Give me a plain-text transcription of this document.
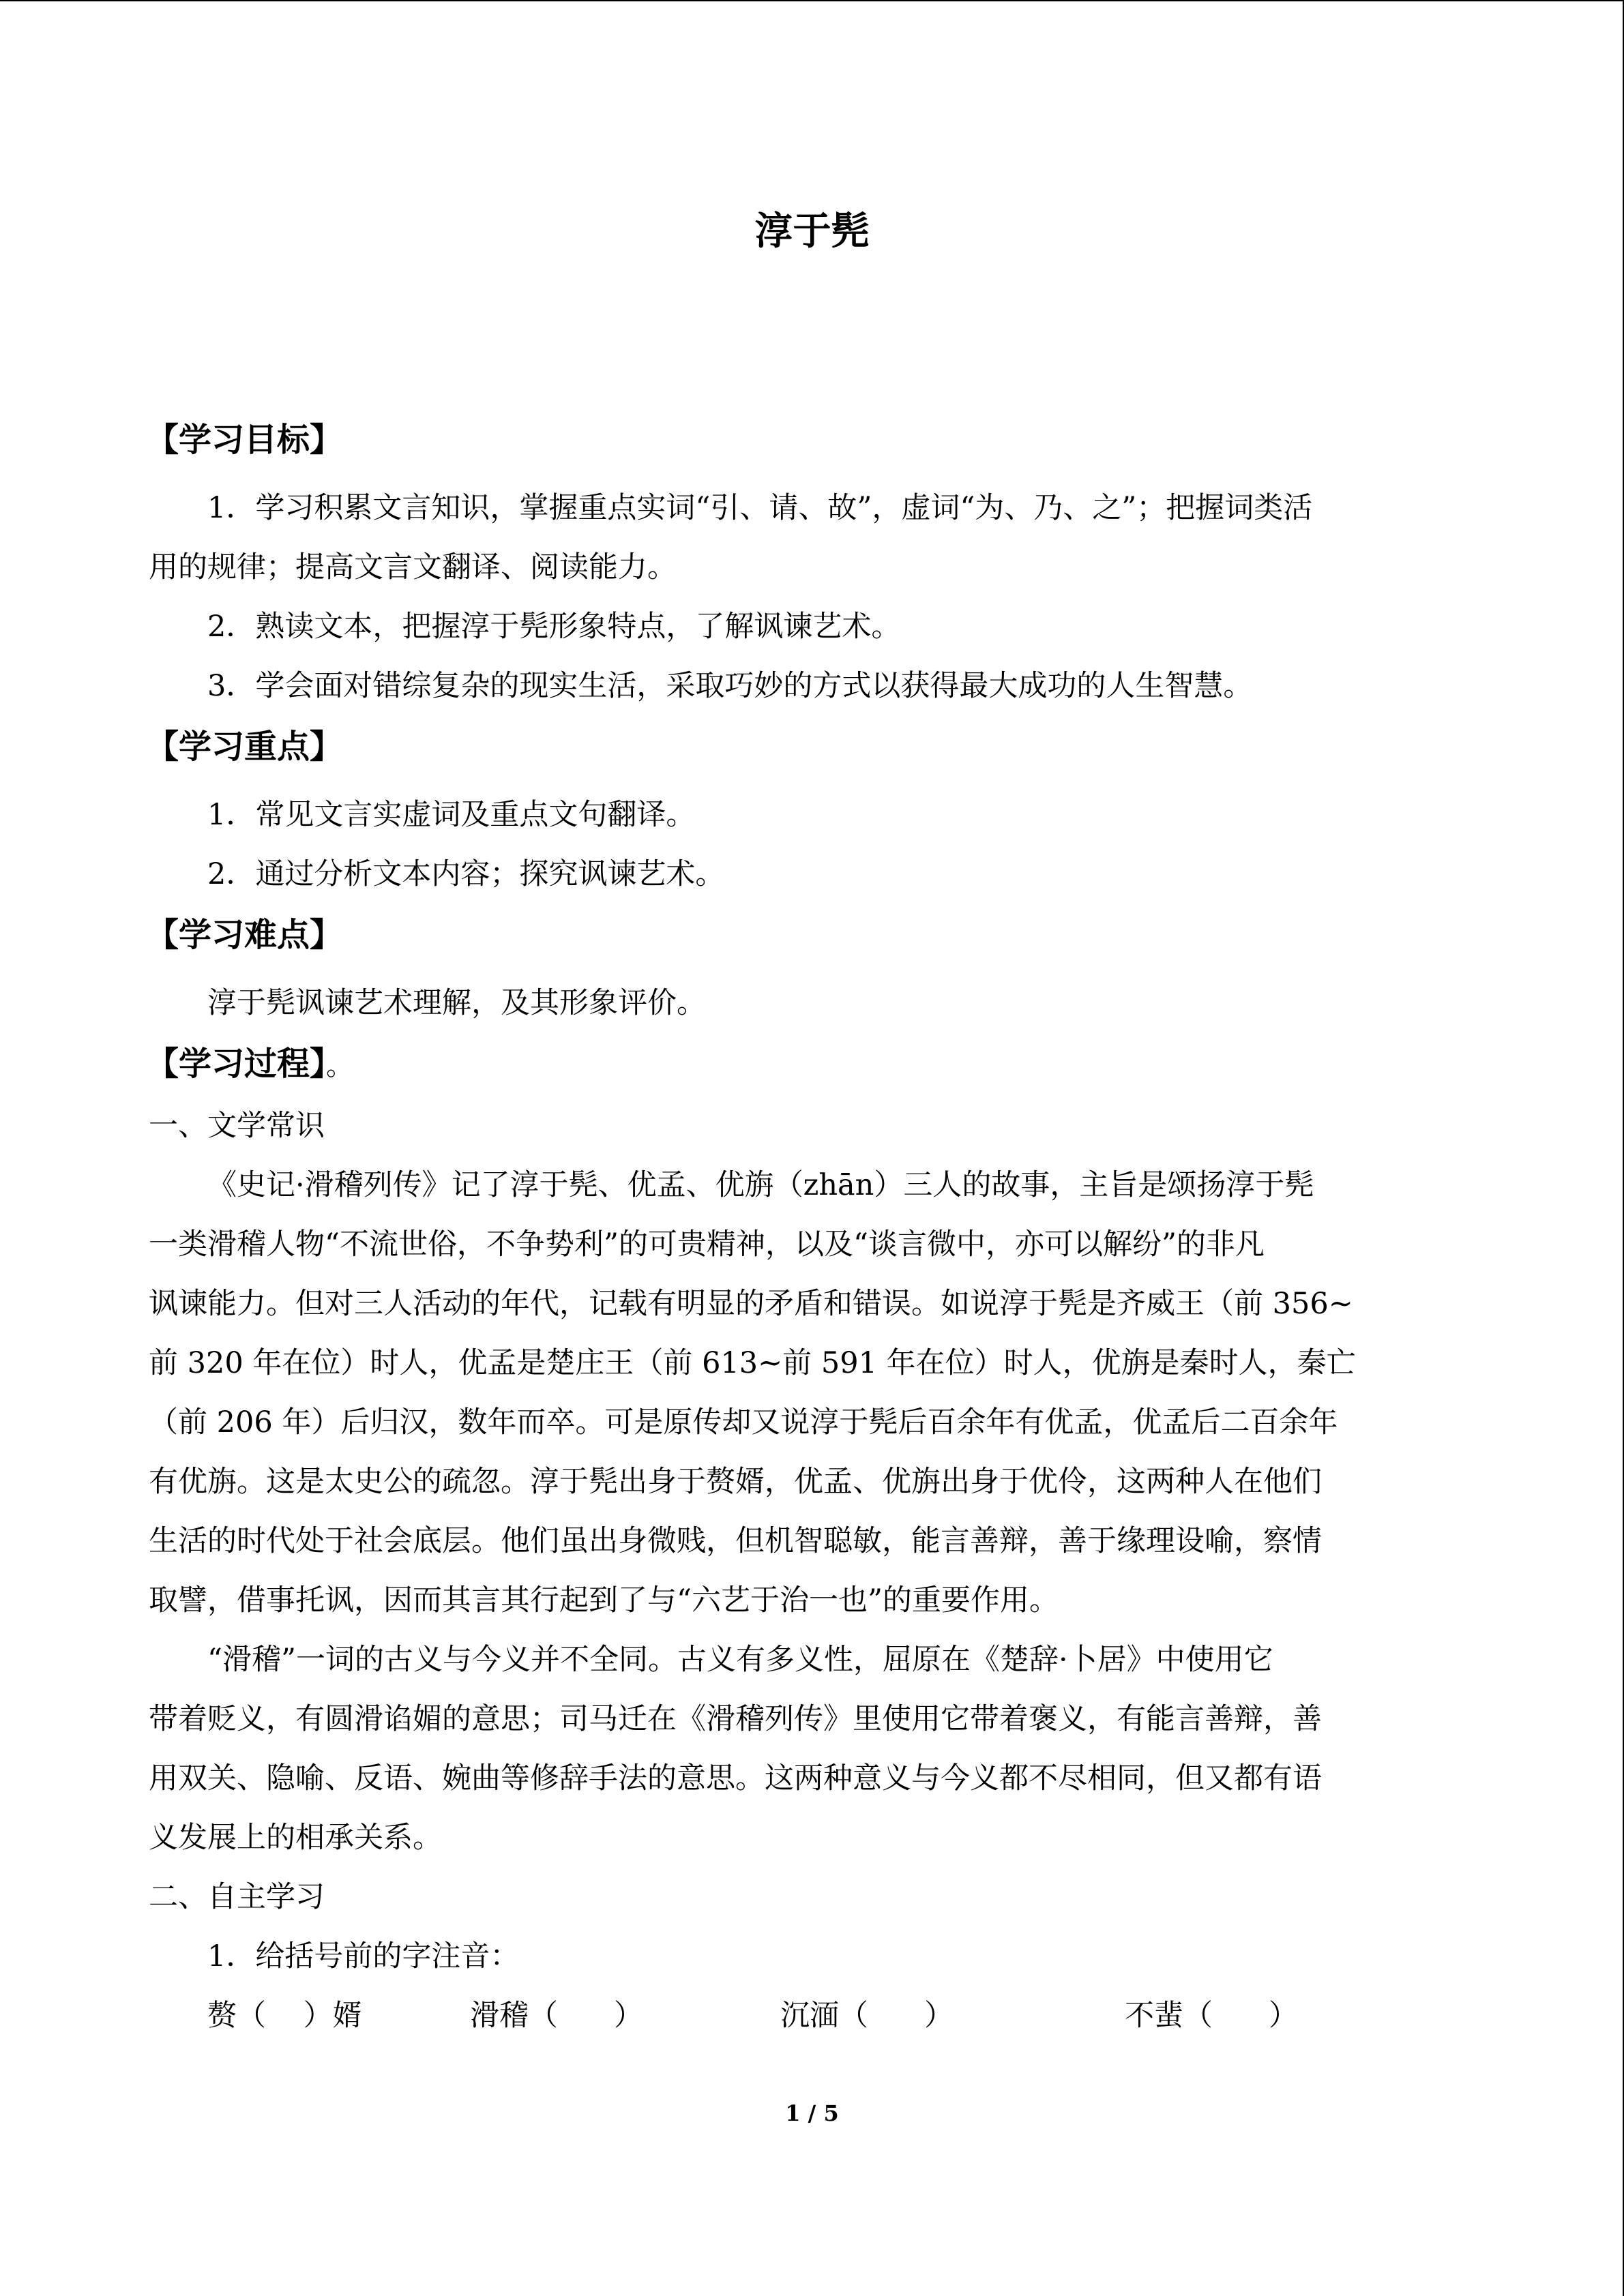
淳于髡
【学习目标】

1．学习积累文言知识，掌握重点实词“引、请、故”，虚词“为、乃、之”；把握词类活

用的规律；提高文言文翻译、阅读能力。

2．熟读文本，把握淳于髡形象特点，了解讽谏艺术。

3．学会面对错综复杂的现实生活，采取巧妙的方式以获得最大成功的人生智慧。

【学习重点】

1．常见文言实虚词及重点文句翻译。

2．通过分析文本内容；探究讽谏艺术。

【学习难点】

淳于髡讽谏艺术理解，及其形象评价。

【学习过程】。

一、文学常识

《史记·滑稽列传》记了淳于髡、优孟、优旃（zhān）三人的故事，主旨是颂扬淳于髡

一类滑稽人物“不流世俗，不争势利”的可贵精神，以及“谈言微中，亦可以解纷”的非凡

讽谏能力。但对三人活动的年代，记载有明显的矛盾和错误。如说淳于髡是齐威王（前 356~

前 320 年在位）时人，优孟是楚庄王（前 613~前 591 年在位）时人，优旃是秦时人，秦亡

（前 206 年）后归汉，数年而卒。可是原传却又说淳于髡后百余年有优孟，优孟后二百余年

有优旃。这是太史公的疏忽。淳于髡出身于赘婿，优孟、优旃出身于优伶，这两种人在他们

生活的时代处于社会底层。他们虽出身微贱，但机智聪敏，能言善辩，善于缘理设喻，察情

取譬，借事托讽，因而其言其行起到了与“六艺于治一也”的重要作用。

“滑稽”一词的古义与今义并不全同。古义有多义性，屈原在《楚辞·卜居》中使用它

带着贬义，有圆滑谄媚的意思；司马迁在《滑稽列传》里使用它带着褒义，有能言善辩，善

用双关、隐喻、反语、婉曲等修辞手法的意思。这两种意义与今义都不尽相同，但又都有语

义发展上的相承关系。

二、自主学习

1．给括号前的字注音：

赘（    ）婿	滑稽（      ）	沉湎（      ）	不蜚（      ）
1 / 5
